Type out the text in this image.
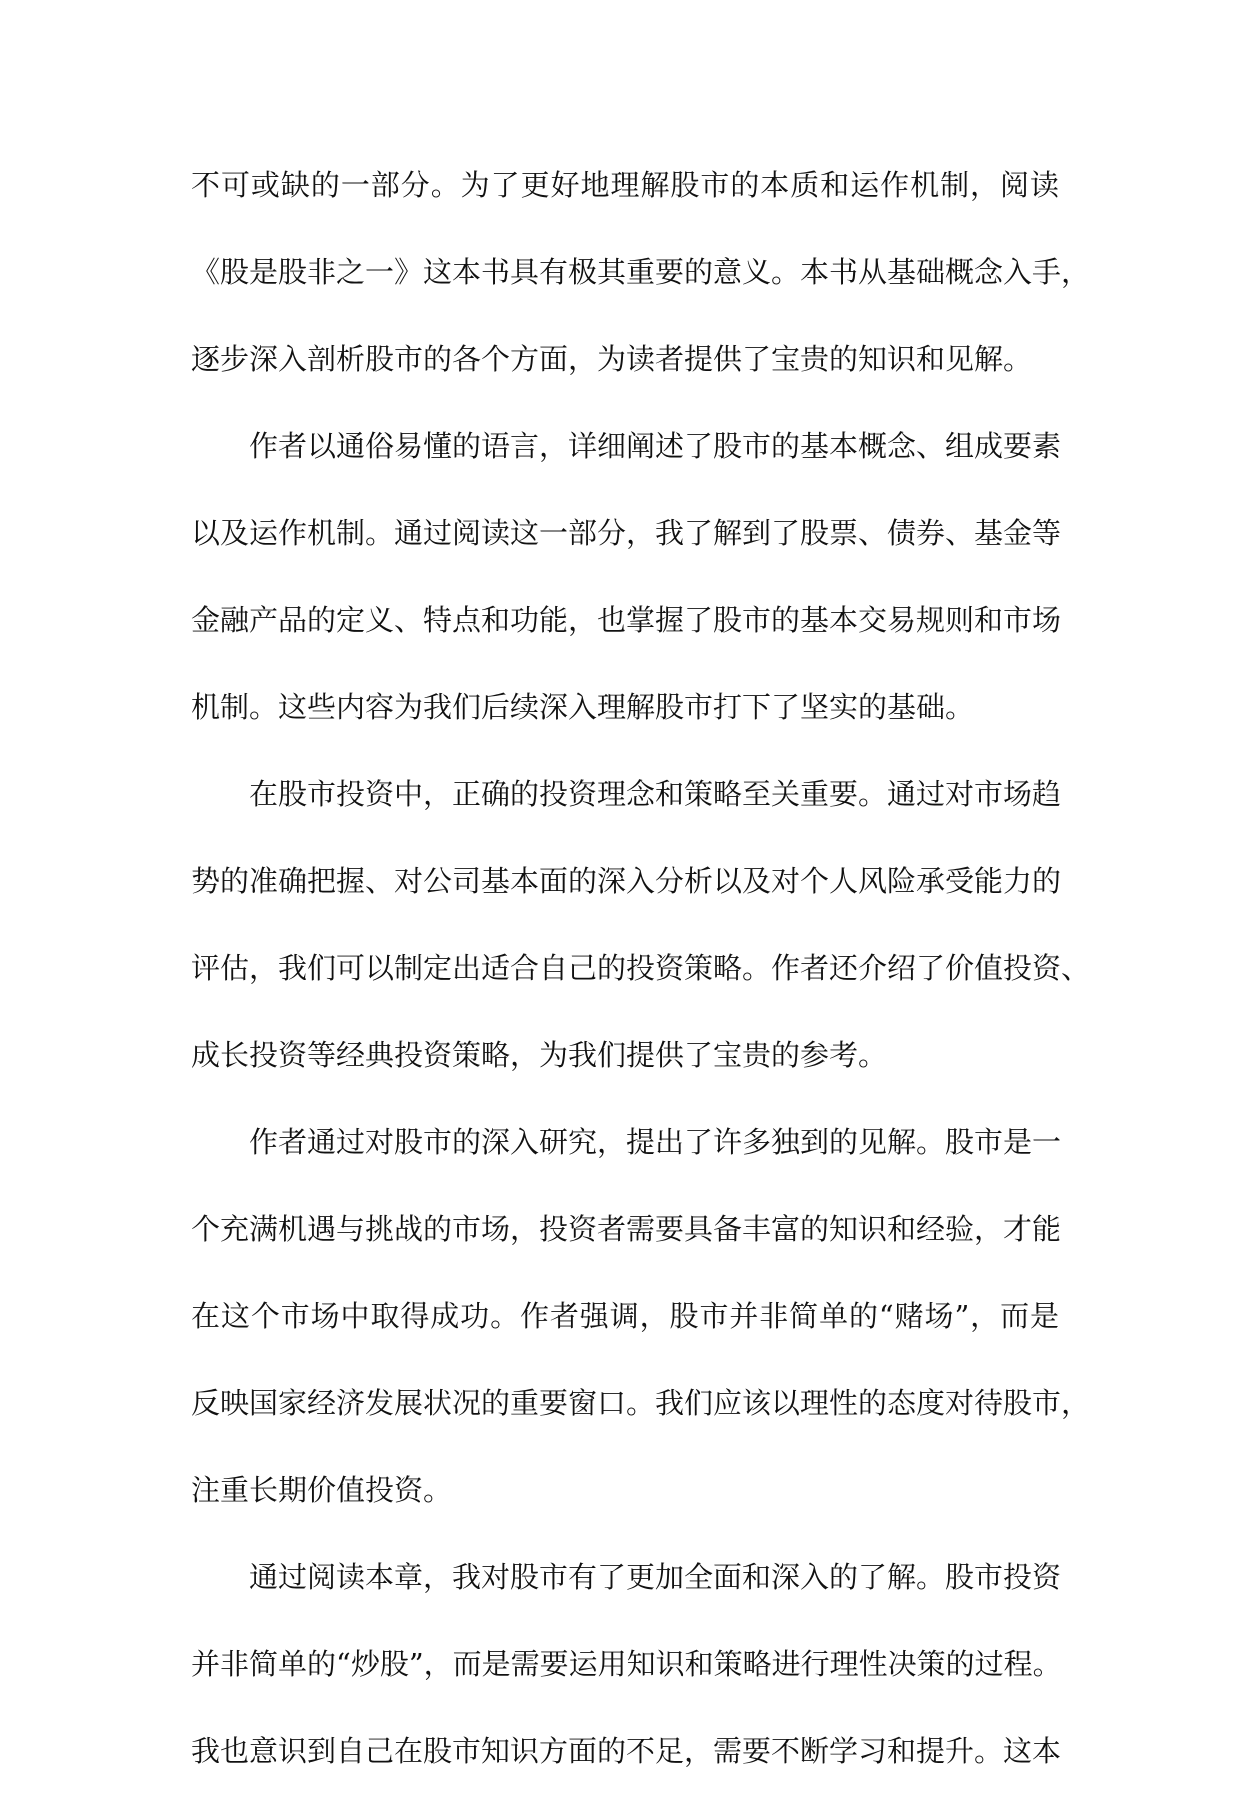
不可或缺的一部分。为了更好地理解股市的本质和运作机制，阅读
《股是股非之一》这本书具有极其重要的意义。本书从基础概念入手，
逐步深入剖析股市的各个方面，为读者提供了宝贵的知识和见解。
作者以通俗易懂的语言，详细阐述了股市的基本概念、组成要素
以及运作机制。通过阅读这一部分，我了解到了股票、债券、基金等
金融产品的定义、特点和功能，也掌握了股市的基本交易规则和市场
机制。这些内容为我们后续深入理解股市打下了坚实的基础。
在股市投资中，正确的投资理念和策略至关重要。通过对市场趋
势的准确把握、对公司基本面的深入分析以及对个人风险承受能力的
评估，我们可以制定出适合自己的投资策略。作者还介绍了价值投资、
成长投资等经典投资策略，为我们提供了宝贵的参考。
作者通过对股市的深入研究，提出了许多独到的见解。股市是一
个充满机遇与挑战的市场，投资者需要具备丰富的知识和经验，才能
在这个市场中取得成功。作者强调，股市并非简单的“赌场”，而是
反映国家经济发展状况的重要窗口。我们应该以理性的态度对待股市，
注重长期价值投资。
通过阅读本章，我对股市有了更加全面和深入的了解。股市投资
并非简单的“炒股”，而是需要运用知识和策略进行理性决策的过程。
我也意识到自己在股市知识方面的不足，需要不断学习和提升。这本
